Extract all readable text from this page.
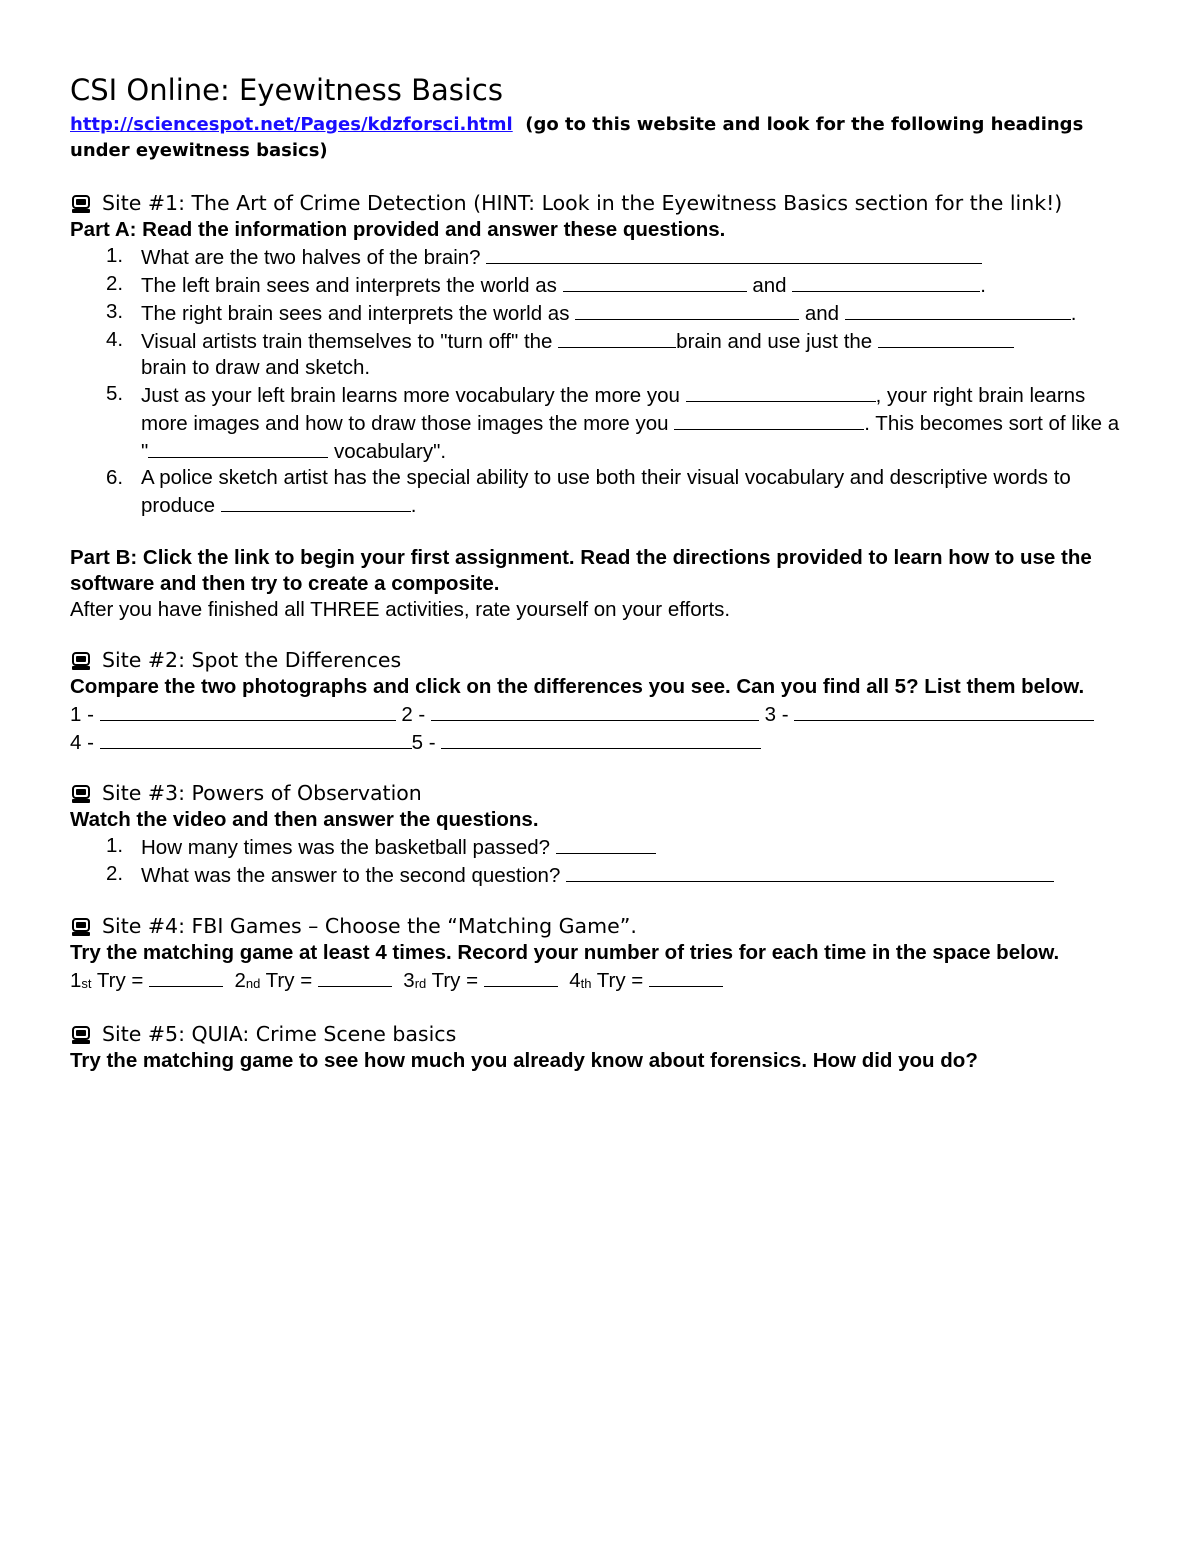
CSI Online: Eyewitness Basics

http://sciencespot.net/Pages/kdzforsci.html (go to this website and look for the following headings under eyewitness basics)

Site #1: The Art of Crime Detection (HINT: Look in the Eyewitness Basics section for the link!)
Part A: Read the information provided and answer these questions.
1. What are the two halves of the brain?
2. The left brain sees and interprets the world as	and	.
3. The right brain sees and interprets the world as	and	.
4. Visual artists train themselves to "turn off" the	brain and use just the
brain to draw and sketch.
5. Just as your left brain learns more vocabulary the more you	, your right brain learns more images and how to draw those images the more you	. This becomes sort of like a "	vocabulary".
6. A police sketch artist has the special ability to use both their visual vocabulary and descriptive words to produce	.
Part B: Click the link to begin your first assignment. Read the directions provided to learn how to use the software and then try to create a composite.
After you have finished all THREE activities, rate yourself on your efforts.
Site #2: Spot the Differences
Compare the two photographs and click on the differences you see. Can you find all 5? List them below.
1 -	2 -	3 -
4 -	5 -
Site #3: Powers of Observation
Watch the video and then answer the questions.
1. How many times was the basketball passed?
2. What was the answer to the second question?
Site #4: FBI Games – Choose the “Matching Game”.
Try the matching game at least 4 times. Record your number of tries for each time in the space below.
1st Try =	2nd Try =	3rd Try =	4th Try =
Site #5: QUIA: Crime Scene basics
Try the matching game to see how much you already know about forensics. How did you do?
